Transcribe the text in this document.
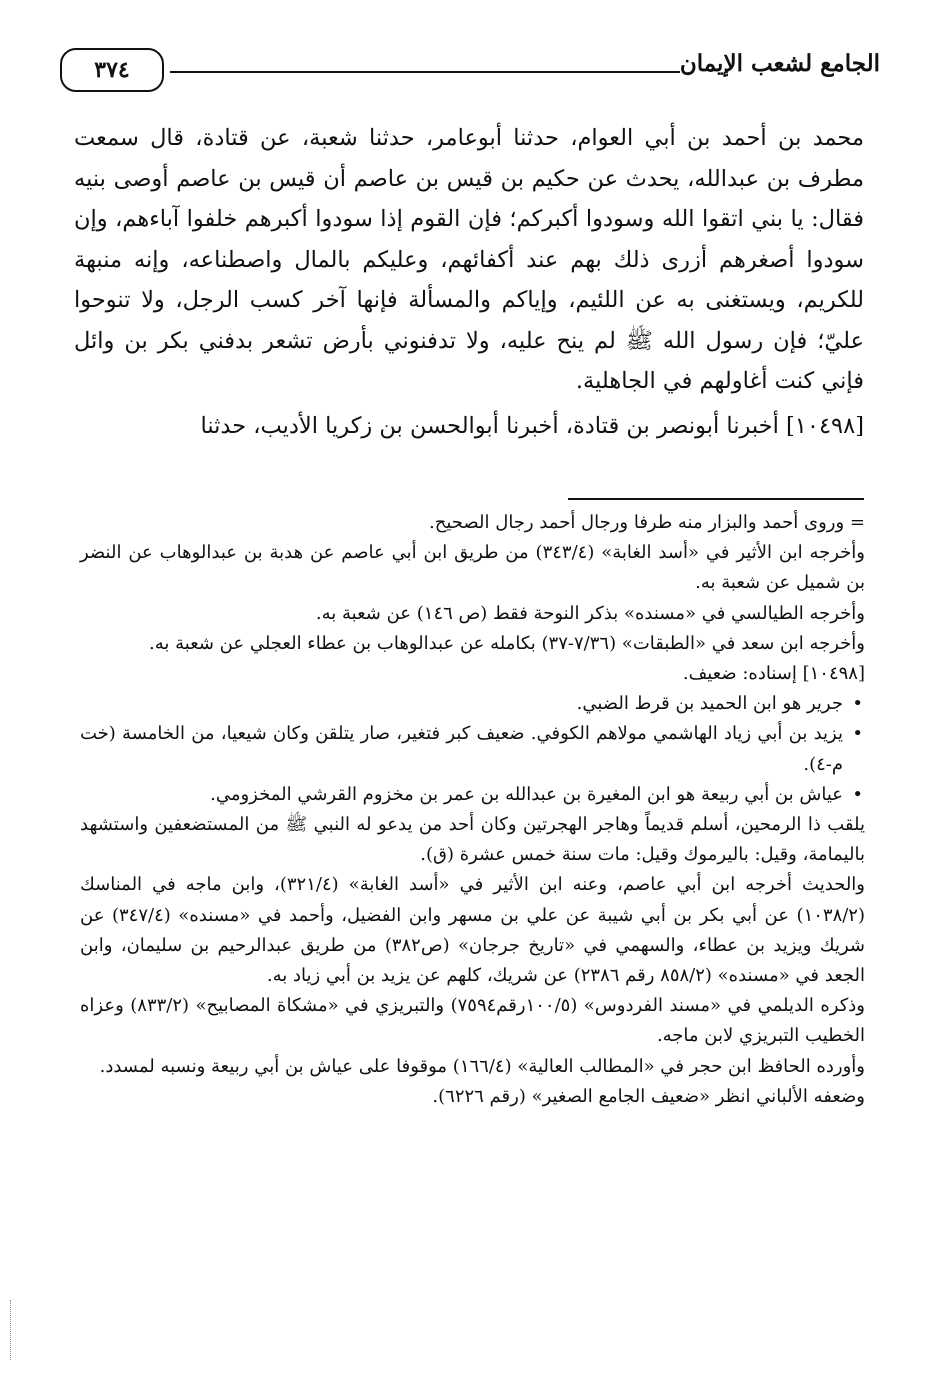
الجامع لشعب الإيمان
٣٧٤

محمد بن أحمد بن أبي العوام، حدثنا أبوعامر، حدثنا شعبة، عن قتادة، قال سمعت مطرف بن عبدالله، يحدث عن حكيم بن قيس بن عاصم أن قيس بن عاصم أوصى بنيه فقال: يا بني اتقوا الله وسودوا أكبركم؛ فإن القوم إذا سودوا أكبرهم خلفوا آباءهم، وإن سودوا أصغرهم أزرى ذلك بهم عند أكفائهم، وعليكم بالمال واصطناعه، وإنه منبهة للكريم، ويستغنى به عن اللئيم، وإياكم والمسألة فإنها آخر كسب الرجل، ولا تنوحوا عليّ؛ فإن رسول الله ﷺ لم ينح عليه، ولا تدفنوني بأرض تشعر بدفني بكر بن وائل فإني كنت أغاولهم في الجاهلية.

[١٠٤٩٨] أخبرنا أبونصر بن قتادة، أخبرنا أبوالحسن بن زكريا الأديب، حدثنا

= وروى أحمد والبزار منه طرفا ورجال أحمد رجال الصحيح.

وأخرجه ابن الأثير في «أسد الغابة» (٣٤٣/٤) من طريق ابن أبي عاصم عن هدبة بن عبدالوهاب عن النضر بن شميل عن شعبة به.

وأخرجه الطيالسي في «مسنده» بذكر النوحة فقط (ص ١٤٦) عن شعبة به.

وأخرجه ابن سعد في «الطبقات» (٧/٣٦-٣٧) بكامله عن عبدالوهاب بن عطاء العجلي عن شعبة به.

[١٠٤٩٨] إسناده: ضعيف.

• جرير هو ابن الحميد بن قرط الضبي.

• يزيد بن أبي زياد الهاشمي مولاهم الكوفي. ضعيف كبر فتغير، صار يتلقن وكان شيعيا، من الخامسة (خت م-٤).

• عياش بن أبي ربيعة هو ابن المغيرة بن عبدالله بن عمر بن مخزوم القرشي المخزومي.

يلقب ذا الرمحين، أسلم قديماً وهاجر الهجرتين وكان أحد من يدعو له النبي ﷺ من المستضعفين واستشهد باليمامة، وقيل: باليرموك وقيل: مات سنة خمس عشرة (ق).

والحديث أخرجه ابن أبي عاصم، وعنه ابن الأثير في «أسد الغابة» (٣٢١/٤)، وابن ماجه في المناسك (١٠٣٨/٢) عن أبي بكر بن أبي شيبة عن علي بن مسهر وابن الفضيل، وأحمد في «مسنده» (٣٤٧/٤) عن شريك ويزيد بن عطاء، والسهمي في «تاريخ جرجان» (ص٣٨٢) من طريق عبدالرحيم بن سليمان، وابن الجعد في «مسنده» (٨٥٨/٢ رقم ٢٣٨٦) عن شريك، كلهم عن يزيد بن أبي زياد به.

وذكره الديلمي في «مسند الفردوس» (١٠٠/٥رقم٧٥٩٤) والتبريزي في «مشكاة المصابيح» (٨٣٣/٢) وعزاه الخطيب التبريزي لابن ماجه.

وأورده الحافظ ابن حجر في «المطالب العالية» (١٦٦/٤) موقوفا على عياش بن أبي ربيعة ونسبه لمسدد.

وضعفه الألباني انظر «ضعيف الجامع الصغير» (رقم ٦٢٢٦).
